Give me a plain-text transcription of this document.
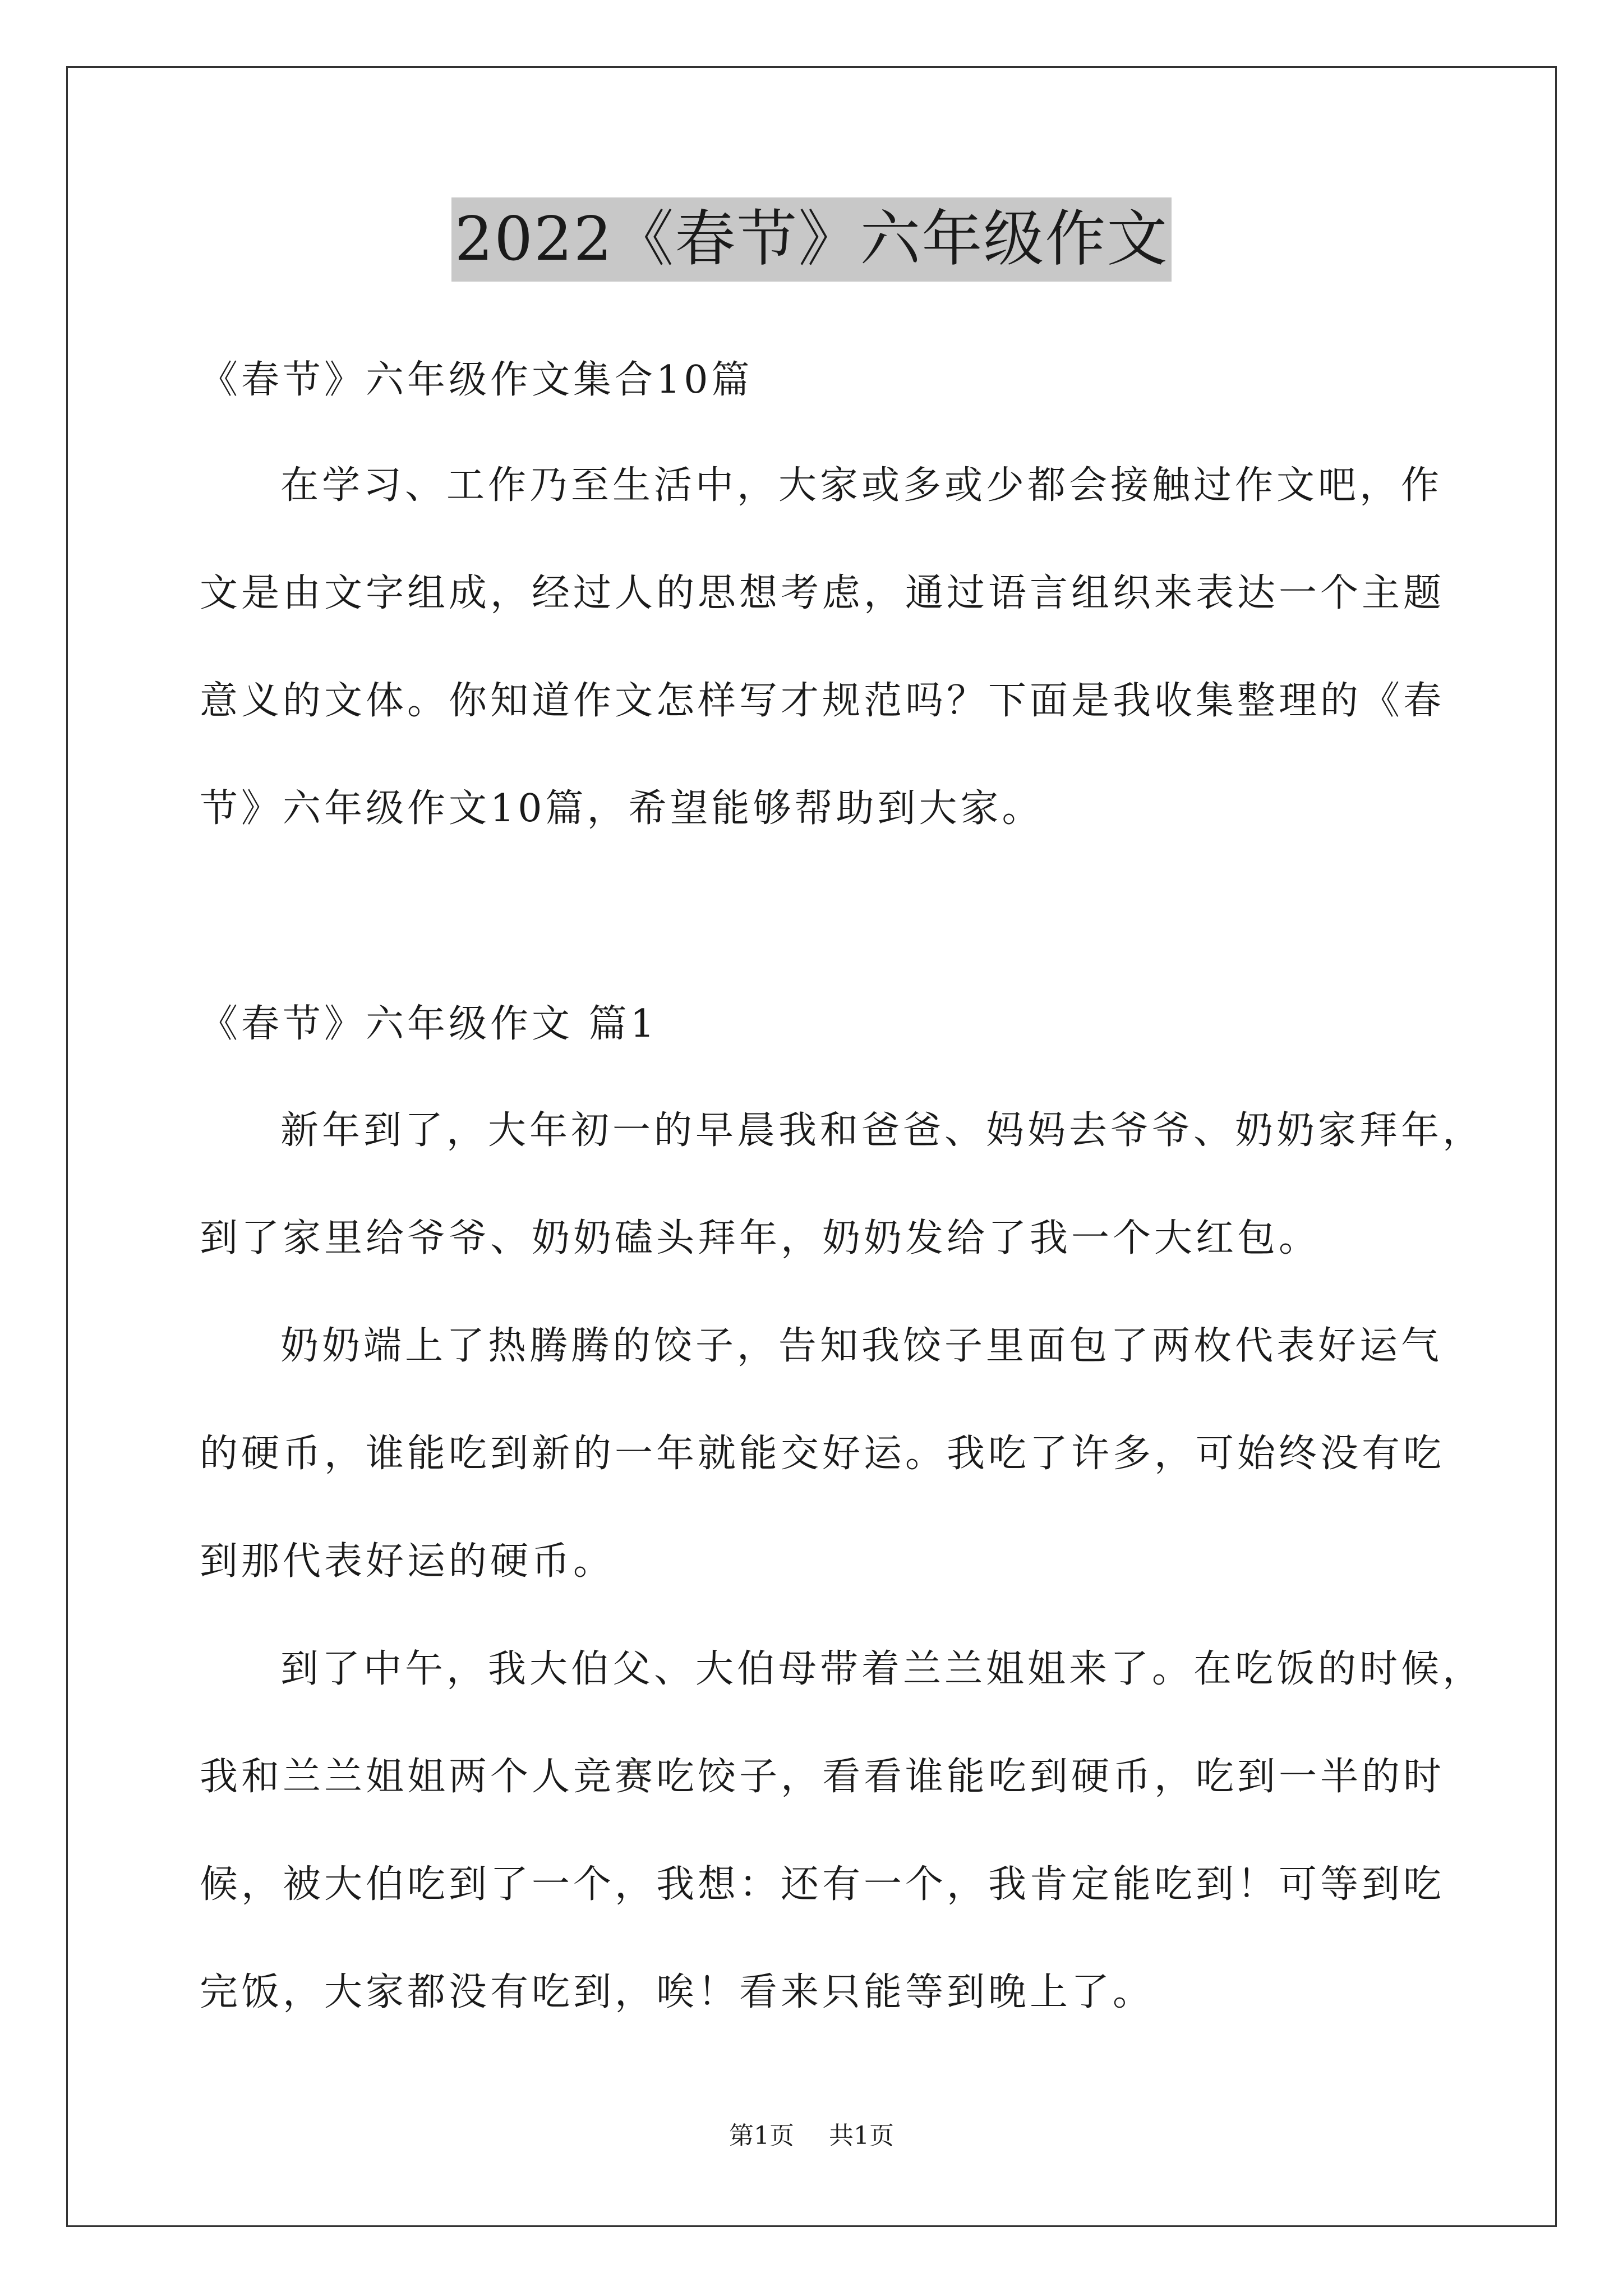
2022《春节》六年级作文
《春节》六年级作文集合10篇
在学习、工作乃至生活中，大家或多或少都会接触过作文吧，作
文是由文字组成，经过人的思想考虑，通过语言组织来表达一个主题
意义的文体。你知道作文怎样写才规范吗？下面是我收集整理的《春
节》六年级作文10篇，希望能够帮助到大家。
《春节》六年级作文 篇1
新年到了，大年初一的早晨我和爸爸、妈妈去爷爷、奶奶家拜年，
到了家里给爷爷、奶奶磕头拜年，奶奶发给了我一个大红包。
奶奶端上了热腾腾的饺子，告知我饺子里面包了两枚代表好运气
的硬币，谁能吃到新的一年就能交好运。我吃了许多，可始终没有吃
到那代表好运的硬币。
到了中午，我大伯父、大伯母带着兰兰姐姐来了。在吃饭的时候，
我和兰兰姐姐两个人竞赛吃饺子，看看谁能吃到硬币，吃到一半的时
候，被大伯吃到了一个，我想：还有一个，我肯定能吃到！可等到吃
完饭，大家都没有吃到，唉！看来只能等到晚上了。
第1页 共1页
